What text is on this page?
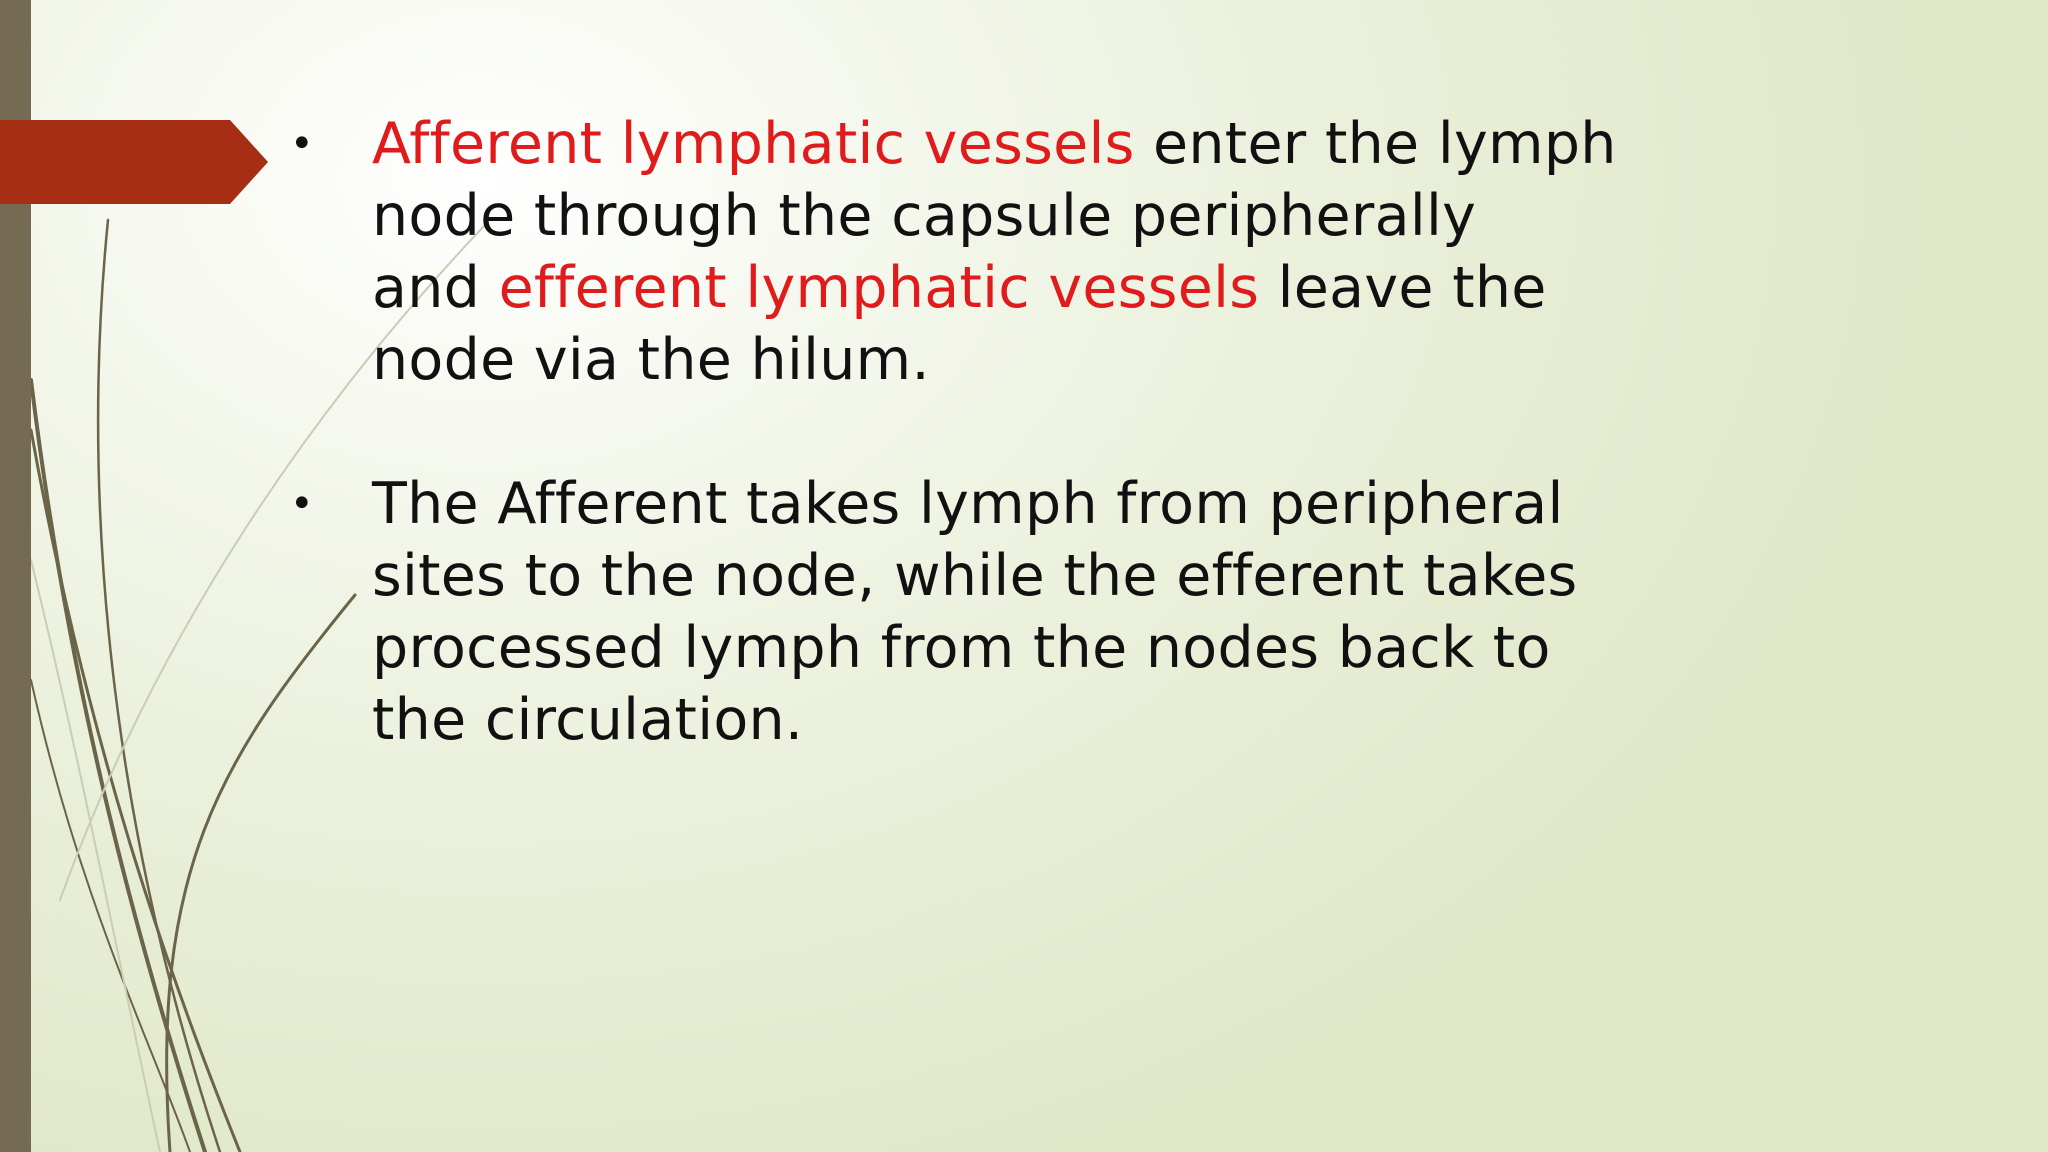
• Afferent lymphatic vessels enter the lymph
node through the capsule peripherally
and efferent lymphatic vessels leave the
node via the hilum.
• The Afferent takes lymph from peripheral
sites to the node, while the efferent takes
processed lymph from the nodes back to
the circulation.
